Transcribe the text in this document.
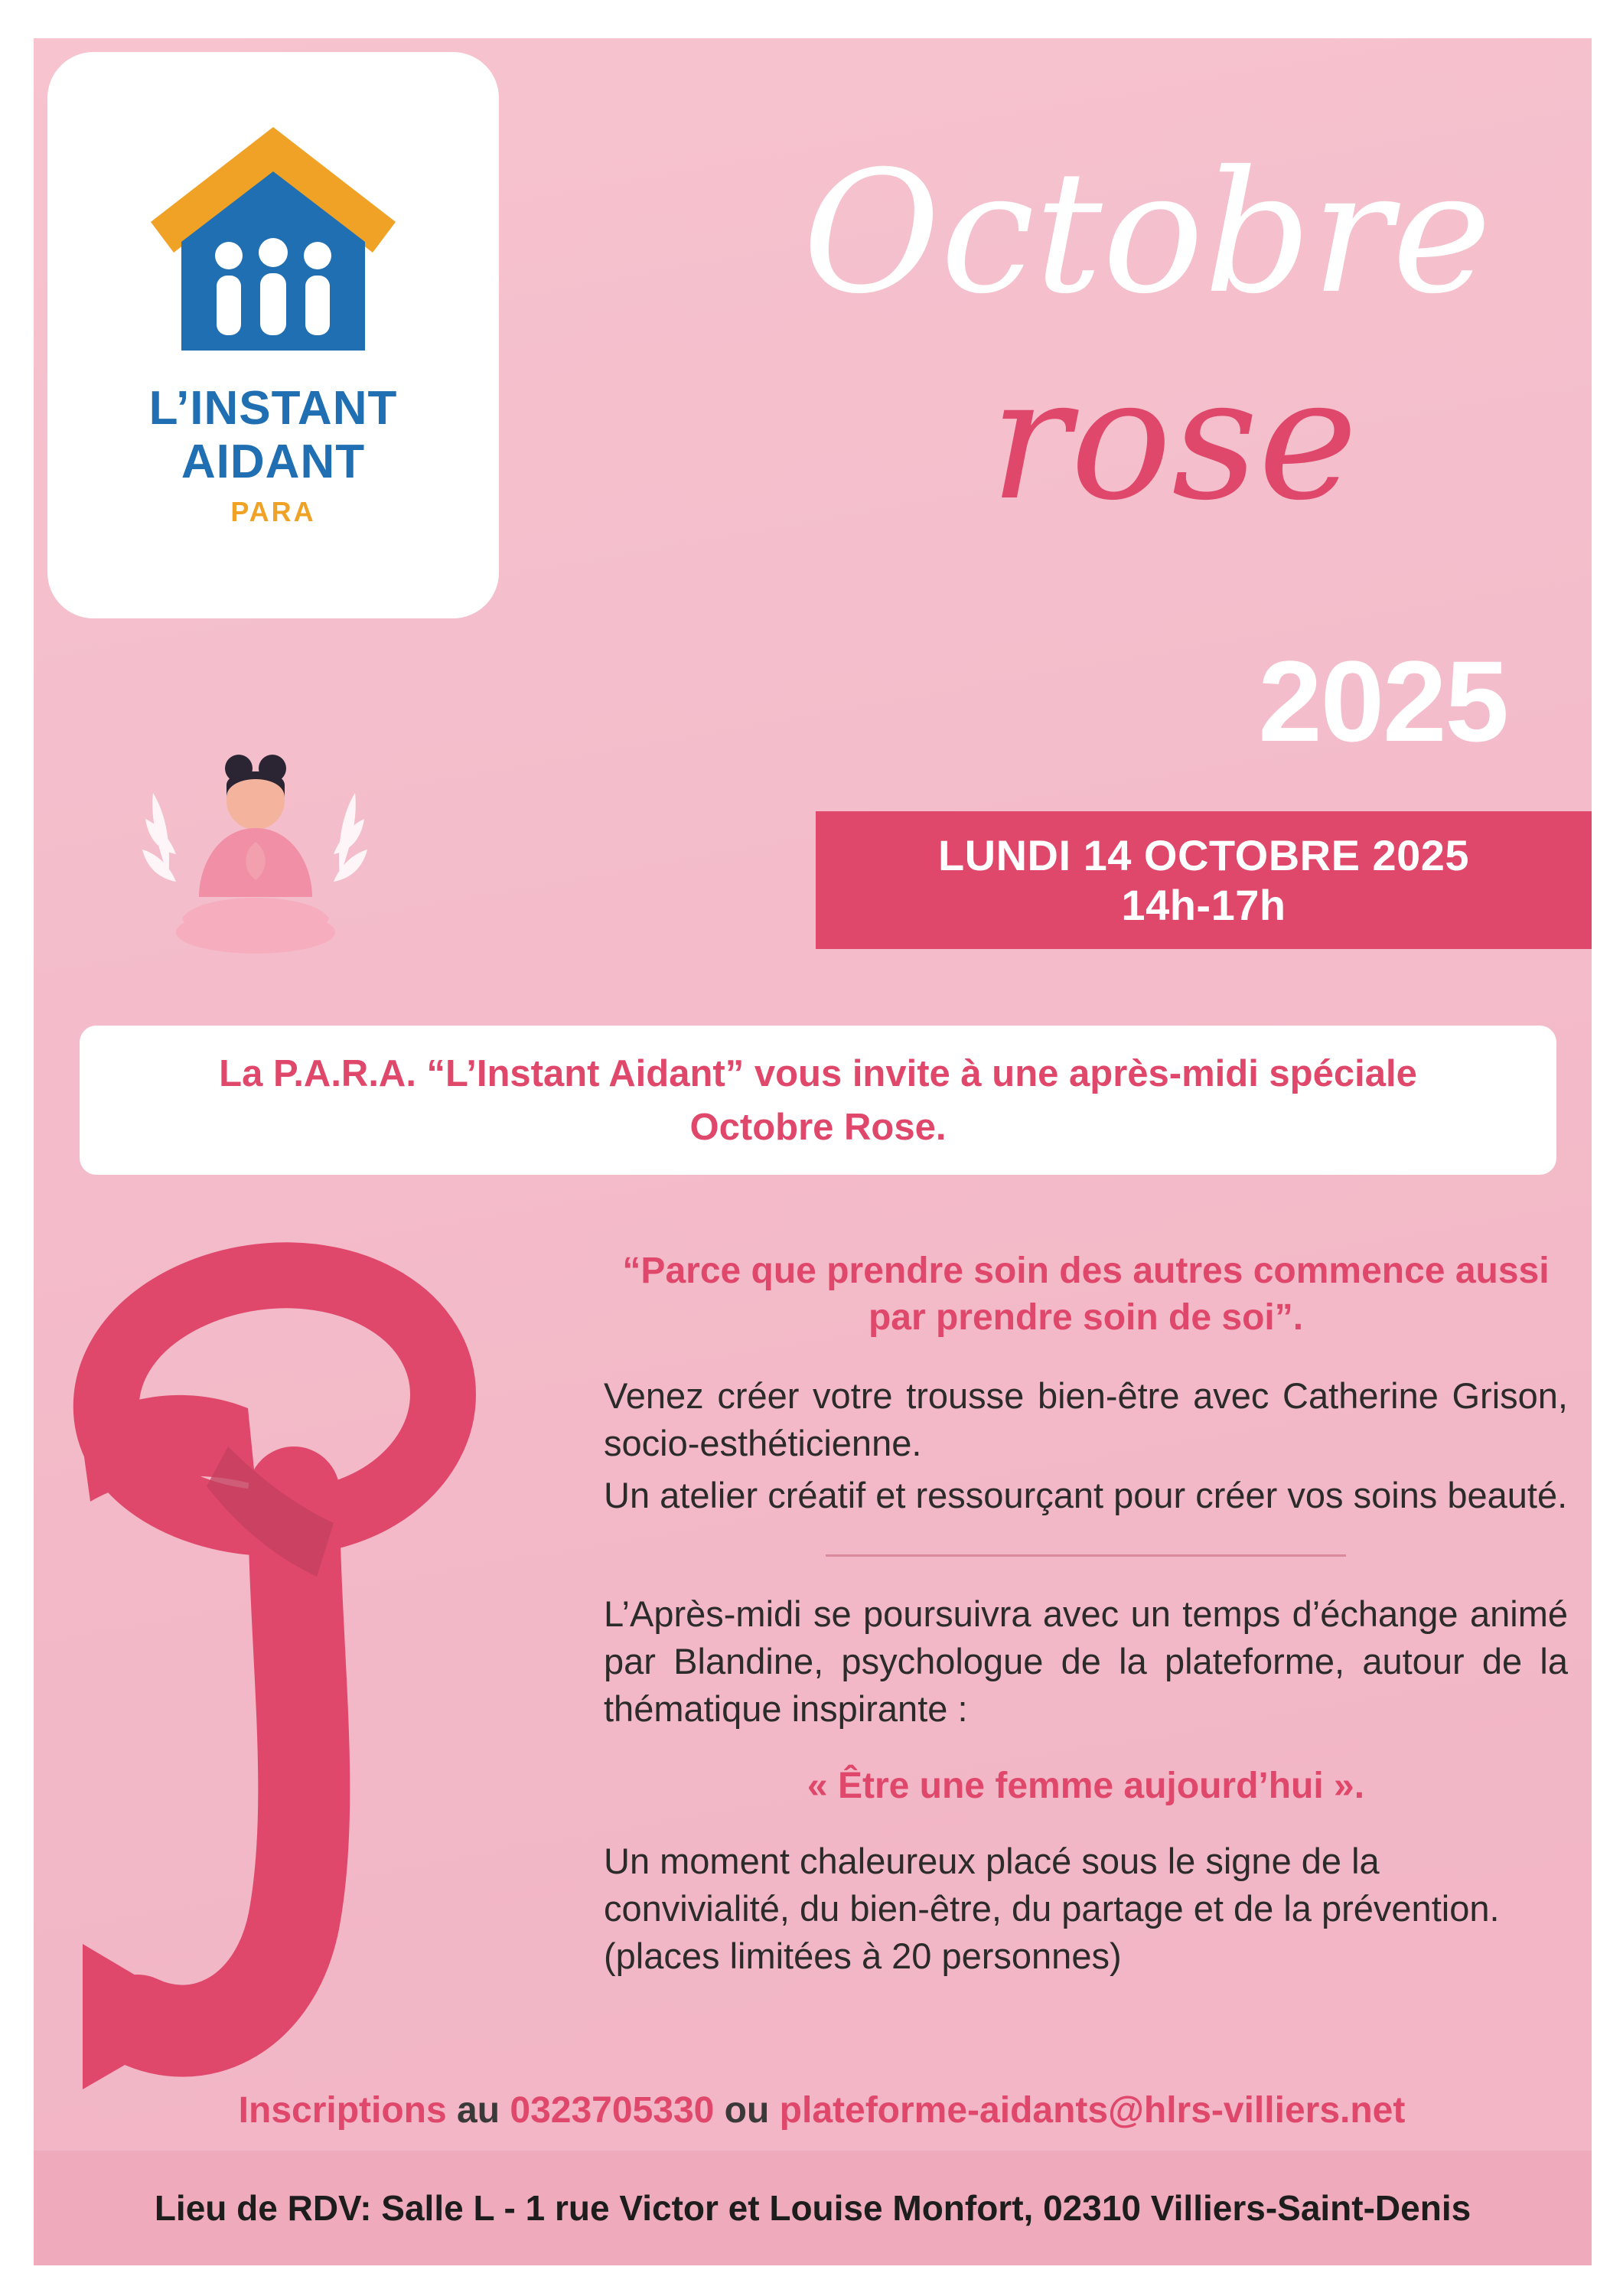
L’INSTANT
AIDANT
PARA
Octobre
rose
2025
LUNDI 14 OCTOBRE 2025
14h-17h
La P.A.R.A. “L’Instant Aidant” vous invite à une après-midi spéciale
Octobre Rose.
“Parce que prendre soin des autres commence aussi par prendre soin de soi”.
Venez créer votre trousse bien-être avec Catherine Grison, socio-esthéticienne.
Un atelier créatif et ressourçant pour créer vos soins beauté.
L’Après-midi se poursuivra avec un temps d’échange animé par Blandine, psychologue de la plateforme, autour de la thématique inspirante :
« Être une femme aujourd’hui ».
Un moment chaleureux placé sous le signe de la convivialité, du bien-être, du partage et de la prévention. (places limitées à 20 personnes)
Inscriptions au 0323705330 ou plateforme-aidants@hlrs-villiers.net
Lieu de RDV: Salle L - 1 rue Victor et Louise Monfort, 02310 Villiers-Saint-Denis
